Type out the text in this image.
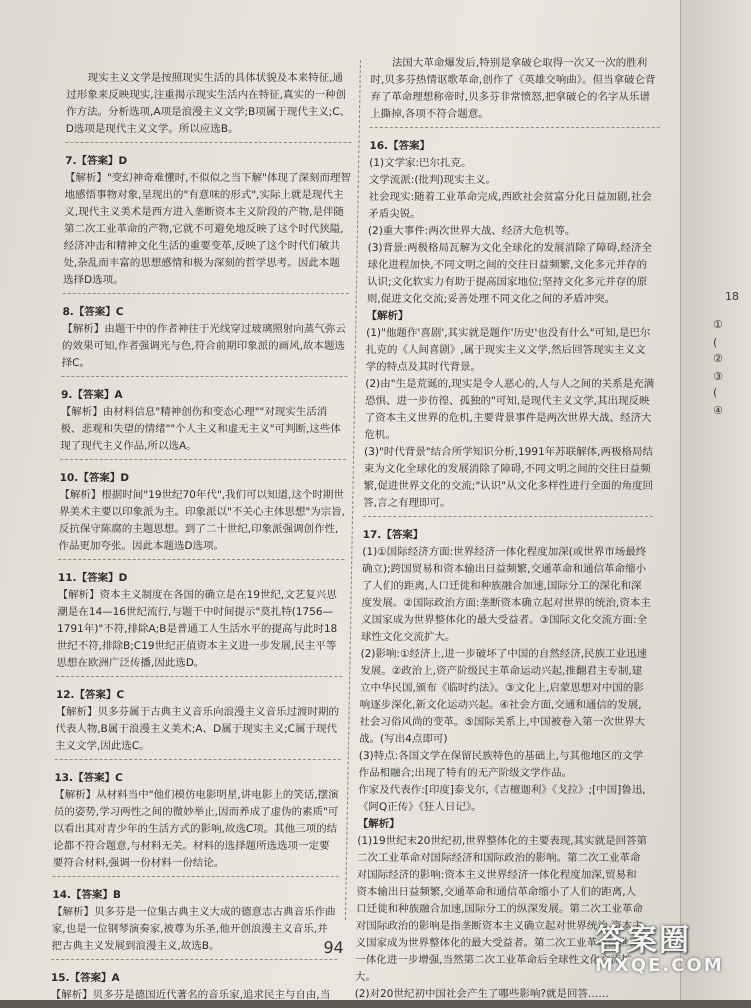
现实主义文学是按照现实生活的具体状貌及本来特征,通过形象来反映现实,注重揭示现实生活内在特征,真实的一种创作方法。分析选项,A项是浪漫主义文学;B项属于现代主义;C、D选项是现代主义文学。所以应选B。

7.【答案】D

【解析】"变幻神奇难懂时,不似似之当下解"体现了深刻而理智地感悟事物对象,呈现出的"有意味的形式",实际上就是现代主义,现代主义美术是西方进入垄断资本主义阶段的产物,是伴随第二次工业革命的产物,它就不可避免地反映了这个时代狭隘,经济冲击和精神文化生活的重要变革,反映了这个时代们敏共处,杂乱而丰富的思想感情和极为深刻的哲学思考。因此本题选择D选项。

8.【答案】C

【解析】由题干中的作者神往于光线穿过玻璃照射向蒸气弥云的效果可知,作者强调光与色,符合前期印象派的画风,故本题选择C。

9.【答案】A

【解析】由材料信息"精神创伤和变态心理""对现实生活消极、悲观和失望的情绪""个人主义和虚无主义"可判断,这些体现了现代主义作品,所以选A。

10.【答案】D

【解析】根据时间"19世纪70年代",我们可以知道,这个时期世界美术主要以印象派为主。印象派以"不关心主体思想"为宗旨,反抗保守陈腐的主题思想。到了二十世纪,印象派强调创作性,作品更加夸张。因此本题选D选项。

11.【答案】D

【解析】资本主义制度在各国的确立是在19世纪,文艺复兴思潮是在14—16世纪流行,与题干中时间提示"莫扎特(1756—1791年)"不符,排除A;B是普通工人生活水平的提高与此时18世纪不符,排除B;C19世纪正值资本主义进一步发展,民主平等思想在欧洲广泛传播,因此选D。

12.【答案】C

【解析】贝多芬属于古典主义音乐向浪漫主义音乐过渡时期的代表人物,B属于浪漫主义美术;A、D属于现实主义;C属于现代主义文学,因此选C。

13.【答案】C

【解析】从材料当中"他们模仿电影明星,讲电影上的笑话,摆演员的姿势,学习两性之间的微妙举止,因而养成了虚伪的素质"可以看出其对青少年的生活方式的影响,故选C项。其他三项的结论都不符合题意,与材料无关。材料的选择题所选选项一定要要符合材料,强调一份材料一份结论。

14.【答案】B

【解析】贝多芬是一位集古典主义大成的德意志古典音乐作曲家,也是一位钢琴演奏家,被尊为乐圣,他开创浪漫主义音乐,并把古典主义发展到浪漫主义,故选B。

15.【答案】A

【解析】贝多芬是德国近代著名的音乐家,追求民主与自由,当

法国大革命爆发后,特别是拿破仑取得一次又一次的胜利时,贝多芬热情讴歌革命,创作了《英雄交响曲》。但当拿破仑背弃了革命理想称帝时,贝多芬非常愤怒,把拿破仑的名字从乐谱上撕掉,各项不符合题意。

16.【答案】

(1)文学家:巴尔扎克。

文学流派:(批判)现实主义。

社会现实:随着工业革命完成,西欧社会贫富分化日益加剧,社会矛盾尖锐。

(2)重大事件:两次世界大战、经济大危机等。

(3)背景:两极格局瓦解为文化全球化的发展消除了障碍,经济全球化进程加快,不同文明之间的交往日益频繁,文化多元并存的认识;文化软实力有助于提高国家地位;坚持文化多元并存的原则,促进文化交流;妥善处理不同文化之间的矛盾冲突。

【解析】

(1)"他题作'喜剧',其实就是题作'历史'也没有什么"可知,是巴尔扎克的《人间喜剧》,属于现实主义文学,然后回答现实主义文学的特点及其时代背景。

(2)由"生是荒诞的,现实是令人恶心的,人与人之间的关系是充满恐惧、进一步彷徨、孤独的"可知,是现代主义文学,其出现反映了资本主义世界的危机,主要背景事件是两次世界大战、经济大危机。

(3)"时代背景"结合所学知识分析,1991年苏联解体,两极格局结束为文化全球化的发展消除了障碍,不同文明之间的交往日益频繁,促进世界文化的交流;"认识"从文化多样性进行全面的角度回答,言之有理即可。

17.【答案】

(1)①国际经济方面:世界经济一体化程度加深(或世界市场最终确立);跨国贸易和资本输出日益频繁,交通革命和通信革命缩小了人们的距离,人口迁徙和种族融合加速,国际分工的深化和深度发展。②国际政治方面:垄断资本确立起对世界的统治,资本主义国家成为世界整体化的最大受益者。③国际文化交流方面:全球性文化交流扩大。

(2)影响:①经济上,进一步破坏了中国的自然经济,民族工业迅速发展。②政治上,资产阶级民主革命运动兴起,推翻君主专制,建立中华民国,颁布《临时约法》。③文化上,启蒙思想对中国的影响逐步深化,新文化运动兴起。④社会方面,交通和通信的发展,社会习俗风尚的变革。⑤国际关系上,中国被卷入第一次世界大战。(写出4点即可)

(3)特点:各国文学在保留民族特色的基础上,与其他地区的文学作品相融合;出现了特有的无产阶级文学作品。

作家及代表作:[印度]泰戈尔,《吉檀迦利》《戈拉》;[中国]鲁迅,《阿Q正传》《狂人日记》。

【解析】

(1)19世纪末20世纪初,世界整体化的主要表现,其实就是回答第二次工业革命对国际经济和国际政治的影响。第二次工业革命对国际经济的影响:资本主义世界经济一体化程度加深,贸易和资本输出日益频繁,交通革命和通信革命缩小了人们的距离,人口迁徙和种族融合加速,国际分工的纵深发展。第二次工业革命对国际政治的影响是指垄断资本主义确立起对世界统治,资本主义国家成为世界整体化的最大受益者。第二次工业革命使世界一体化进一步增强,当然第二次工业革命后全球性文化交流扩大。

(2)对20世纪初中国社会产生了哪些影响?就是回答……

94
18
①
(
②
③
(
④
答案圈
MXQE.COM
